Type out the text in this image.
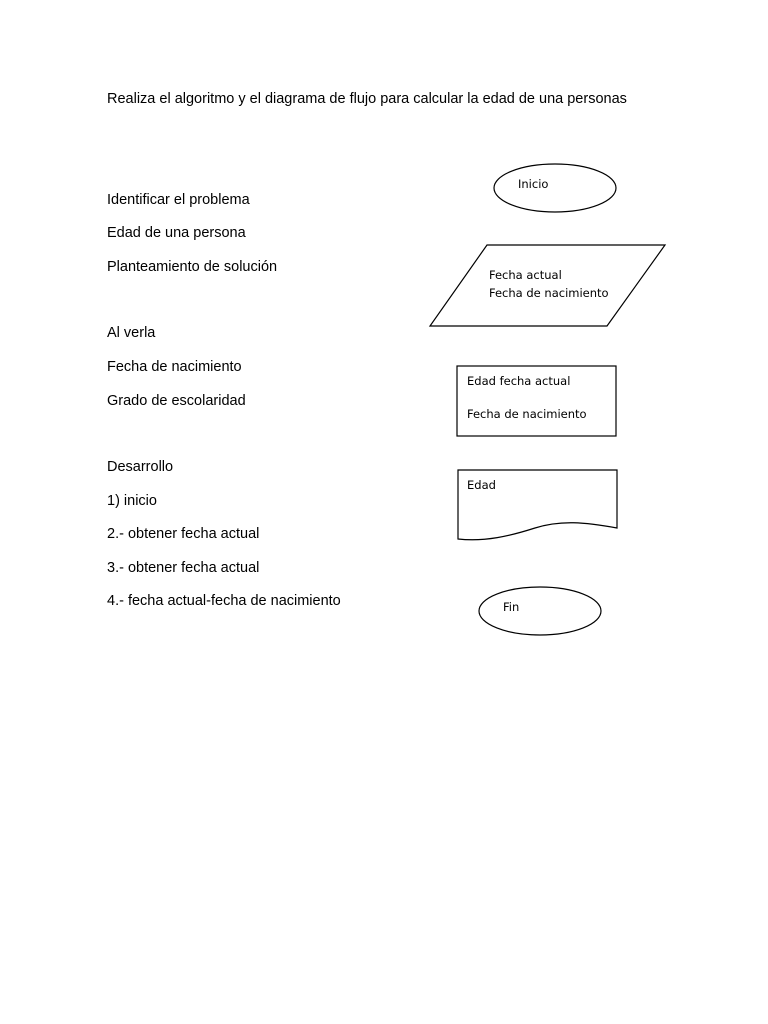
Realiza el algoritmo y el diagrama de flujo para calcular la edad de una personas
Identificar el problema
Edad de una persona
Planteamiento de solución
Al verla
Fecha de nacimiento
Grado de escolaridad
Desarrollo
1) inicio
2.- obtener fecha actual
3.- obtener fecha actual
4.- fecha actual-fecha de nacimiento
Inicio
Fecha actual
Fecha de nacimiento
Edad fecha actual
Fecha de nacimiento
Edad
Fin
